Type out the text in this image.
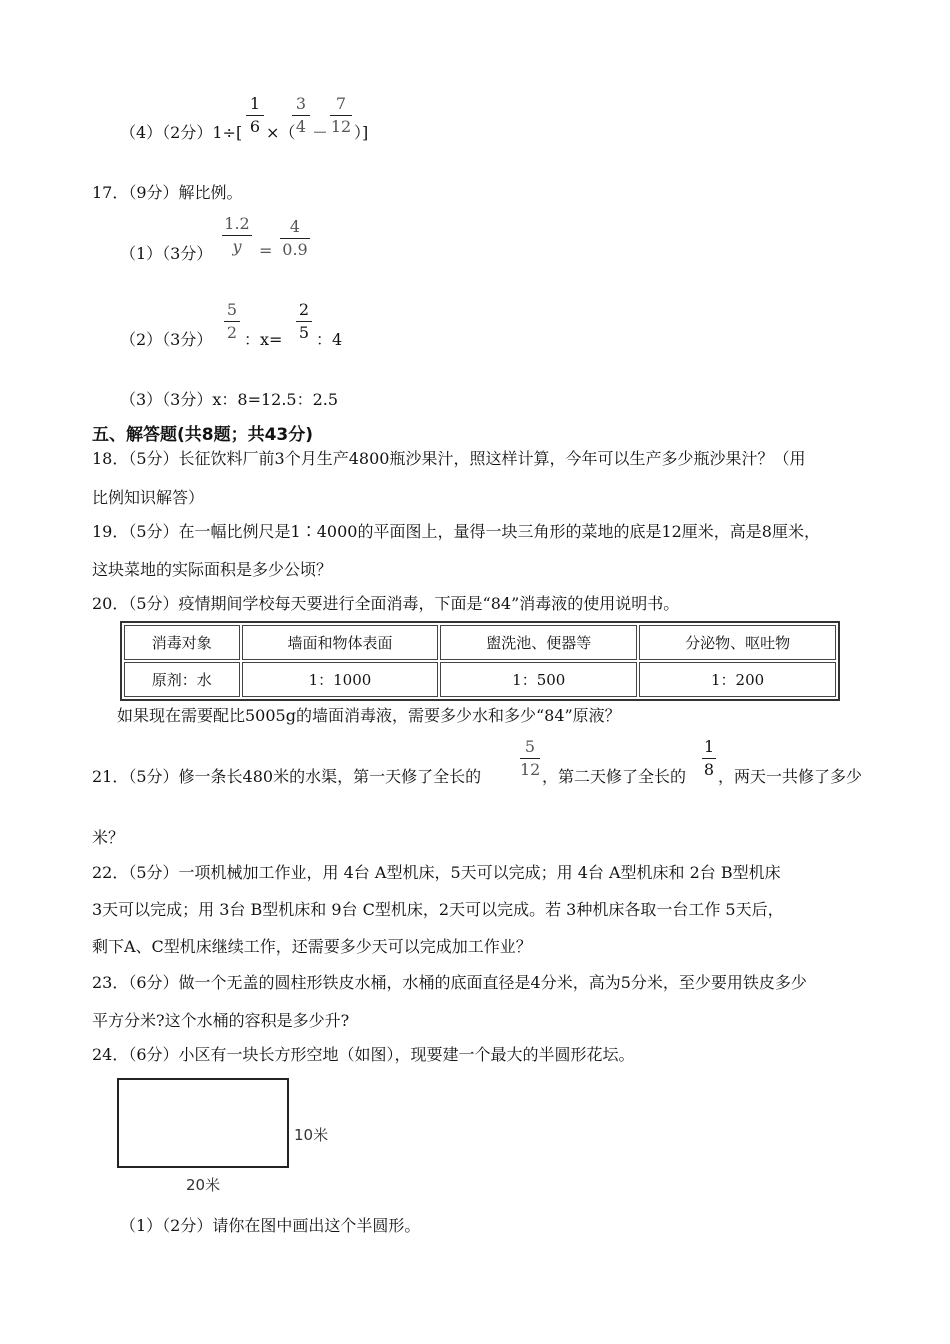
（4）（2分）1÷[
1
6 ×（
3
4 －
7
12 ）]
17．（9分）解比例。
（1）（3分）
1.2
y	=
4
0.9
（2）（3分）
5
2 ：x=
2
5 ：4
（3）（3分）x：8=12.5：2.5
五、解答题(共8题；共43分)
18．（5分）长征饮料厂前3个月生产4800瓶沙果汁，照这样计算，今年可以生产多少瓶沙果汁？（用
比例知识解答）
19．（5分）在一幅比例尺是1∶4000的平面图上，量得一块三角形的菜地的底是12厘米，高是8厘米，
这块菜地的实际面积是多少公顷？
20．（5分）疫情期间学校每天要进行全面消毒，下面是“84”消毒液的使用说明书。
消毒对象	墙面和物体表面	盥洗池、便器等	分泌物、呕吐物
原剂：水	1：1000	1：500	1：200
如果现在需要配比5005g的墙面消毒液，需要多少水和多少“84”原液？
21．（5分）修一条长480米的水渠，第一天修了全长的
5
12 ，第二天修了全长的
1
8 ，两天一共修了多少
米？
22．（5分）一项机械加工作业，用 4台 A型机床，5天可以完成；用 4台 A型机床和 2台 B型机床
3天可以完成；用 3台 B型机床和 9台 C型机床，2天可以完成。若 3种机床各取一台工作 5天后，
剩下A、C型机床继续工作，还需要多少天可以完成加工作业？
23．（6分）做一个无盖的圆柱形铁皮水桶，水桶的底面直径是4分米，高为5分米，至少要用铁皮多少
平方分米?这个水桶的容积是多少升?
24．（6分）小区有一块长方形空地（如图），现要建一个最大的半圆形花坛。
10米
20米
（1）（2分）请你在图中画出这个半圆形。
